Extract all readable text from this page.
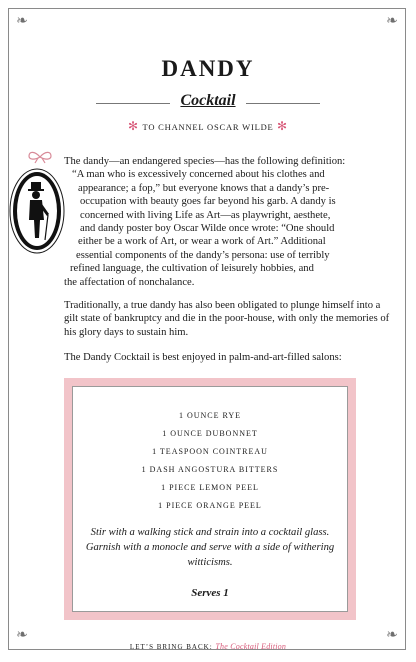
❧	❧
❧	❧
DANDY
Cocktail
✻ TO CHANNEL OSCAR WILDE ✻
The dandy—an endangered species—has the following definition:
“A man who is excessively concerned about his clothes and
appearance; a fop,” but everyone knows that a dandy’s pre-
occupation with beauty goes far beyond his garb. A dandy is
concerned with living Life as Art—as playwright, aesthete,
and dandy poster boy Oscar Wilde once wrote: “One should
either be a work of Art, or wear a work of Art.” Additional
essential components of the dandy’s persona: use of terribly
refined language, the cultivation of leisurely hobbies, and
the affectation of nonchalance.
Traditionally, a true dandy has also been obligated to plunge himself into a gilt state of bankruptcy and die in the poor-house, with only the memories of his glory days to sustain him.
The Dandy Cocktail is best enjoyed in palm-and-art-filled salons:
1 OUNCE RYE
1 OUNCE DUBONNET
1 TEASPOON COINTREAU
1 DASH ANGOSTURA BITTERS
1 PIECE LEMON PEEL
1 PIECE ORANGE PEEL
Stir with a walking stick and strain into a cocktail glass. Garnish with a monocle and serve with a side of withering witticisms.
Serves 1
LET’S BRING BACK: The Cocktail Edition
